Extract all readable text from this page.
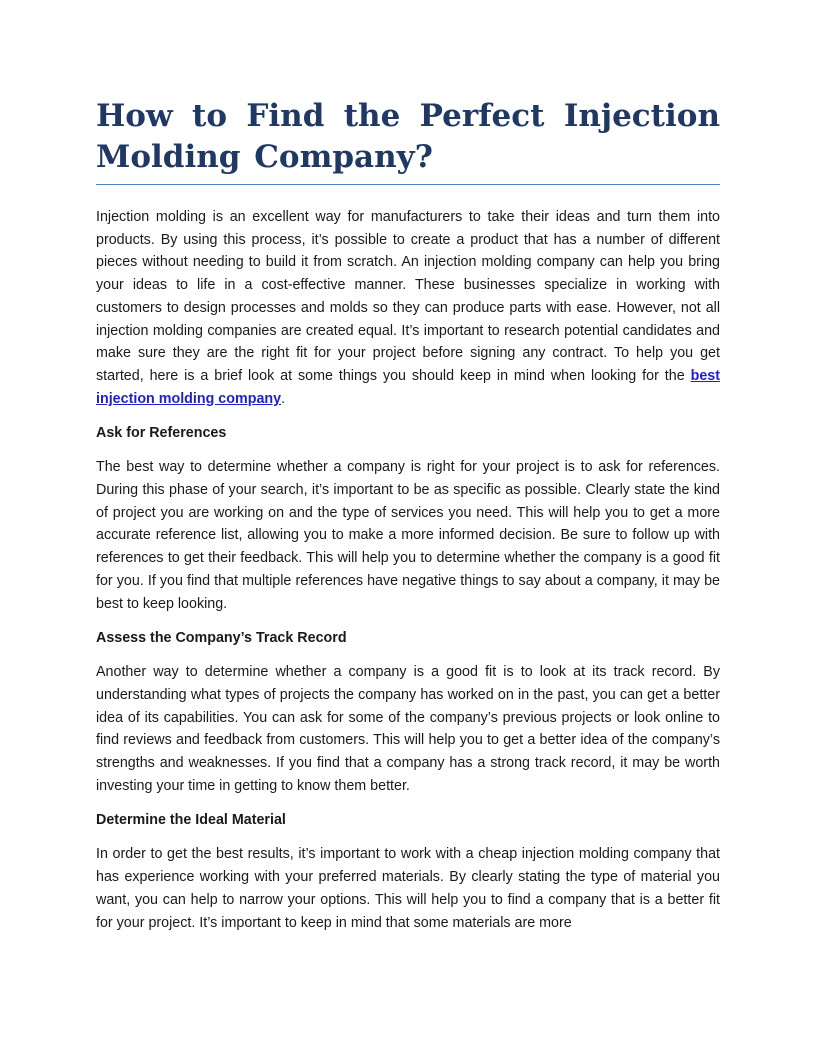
How to Find the Perfect Injection Molding Company?

Injection molding is an excellent way for manufacturers to take their ideas and turn them into products. By using this process, it’s possible to create a product that has a number of different pieces without needing to build it from scratch. An injection molding company can help you bring your ideas to life in a cost-effective manner. These businesses specialize in working with customers to design processes and molds so they can produce parts with ease. However, not all injection molding companies are created equal. It’s important to research potential candidates and make sure they are the right fit for your project before signing any contract. To help you get started, here is a brief look at some things you should keep in mind when looking for the best injection molding company.

Ask for References

The best way to determine whether a company is right for your project is to ask for references. During this phase of your search, it’s important to be as specific as possible. Clearly state the kind of project you are working on and the type of services you need. This will help you to get a more accurate reference list, allowing you to make a more informed decision. Be sure to follow up with references to get their feedback. This will help you to determine whether the company is a good fit for you. If you find that multiple references have negative things to say about a company, it may be best to keep looking.

Assess the Company’s Track Record

Another way to determine whether a company is a good fit is to look at its track record. By understanding what types of projects the company has worked on in the past, you can get a better idea of its capabilities. You can ask for some of the company’s previous projects or look online to find reviews and feedback from customers. This will help you to get a better idea of the company’s strengths and weaknesses. If you find that a company has a strong track record, it may be worth investing your time in getting to know them better.

Determine the Ideal Material

In order to get the best results, it’s important to work with a cheap injection molding company that has experience working with your preferred materials. By clearly stating the type of material you want, you can help to narrow your options. This will help you to find a company that is a better fit for your project. It’s important to keep in mind that some materials are more
